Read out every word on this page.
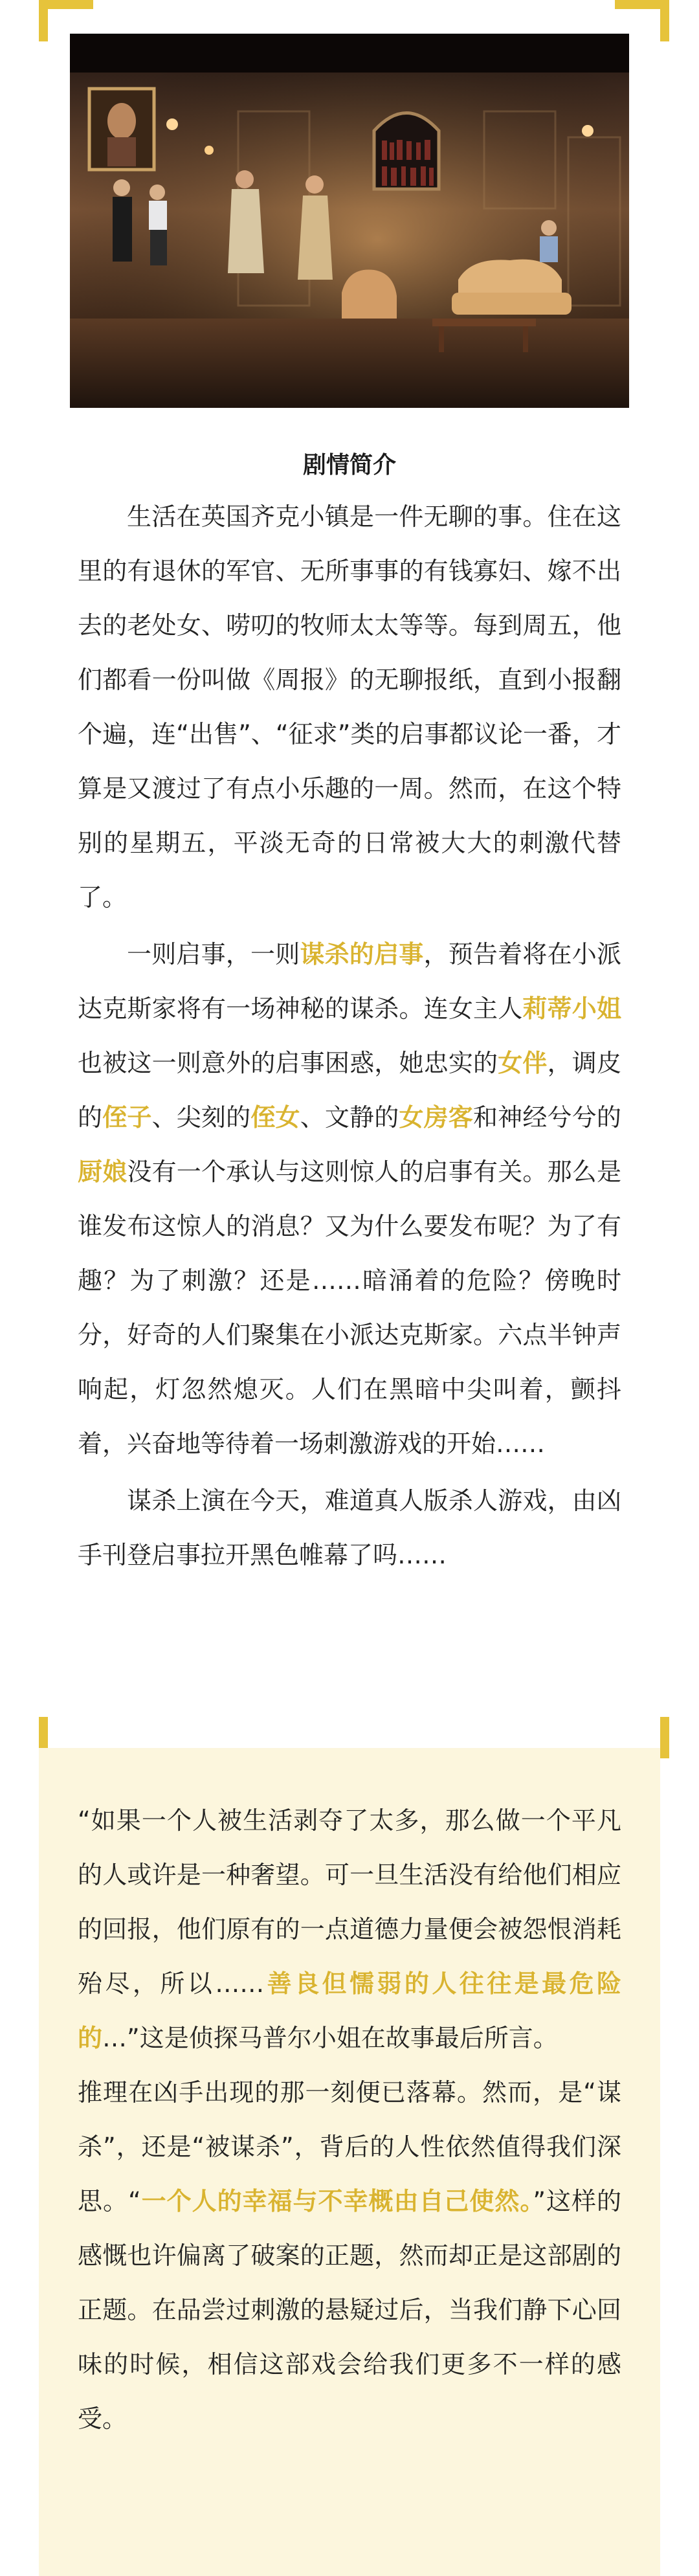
剧情简介

生活在英国齐克小镇是一件无聊的事。住在这里的有退休的军官、无所事事的有钱寡妇、嫁不出去的老处女、唠叨的牧师太太等等。每到周五，他们都看一份叫做《周报》的无聊报纸，直到小报翻个遍，连“出售”、“征求”类的启事都议论一番，才算是又渡过了有点小乐趣的一周。然而，在这个特别的星期五，平淡无奇的日常被大大的刺激代替了。

一则启事，一则谋杀的启事，预告着将在小派达克斯家将有一场神秘的谋杀。连女主人莉蒂小姐也被这一则意外的启事困惑，她忠实的女伴，调皮的侄子、尖刻的侄女、文静的女房客和神经兮兮的厨娘没有一个承认与这则惊人的启事有关。那么是谁发布这惊人的消息？又为什么要发布呢？为了有趣？为了刺激？还是……暗涌着的危险？傍晚时分，好奇的人们聚集在小派达克斯家。六点半钟声响起，灯忽然熄灭。人们在黑暗中尖叫着，颤抖着，兴奋地等待着一场刺激游戏的开始……

谋杀上演在今天，难道真人版杀人游戏，由凶手刊登启事拉开黑色帷幕了吗……

“如果一个人被生活剥夺了太多，那么做一个平凡的人或许是一种奢望。可一旦生活没有给他们相应的回报，他们原有的一点道德力量便会被怨恨消耗殆尽，所以……善良但懦弱的人往往是最危险的…”这是侦探马普尔小姐在故事最后所言。

推理在凶手出现的那一刻便已落幕。然而，是“谋杀”，还是“被谋杀”，背后的人性依然值得我们深思。“一个人的幸福与不幸概由自己使然。”这样的感慨也许偏离了破案的正题，然而却正是这部剧的正题。在品尝过刺激的悬疑过后，当我们静下心回味的时候，相信这部戏会给我们更多不一样的感受。
